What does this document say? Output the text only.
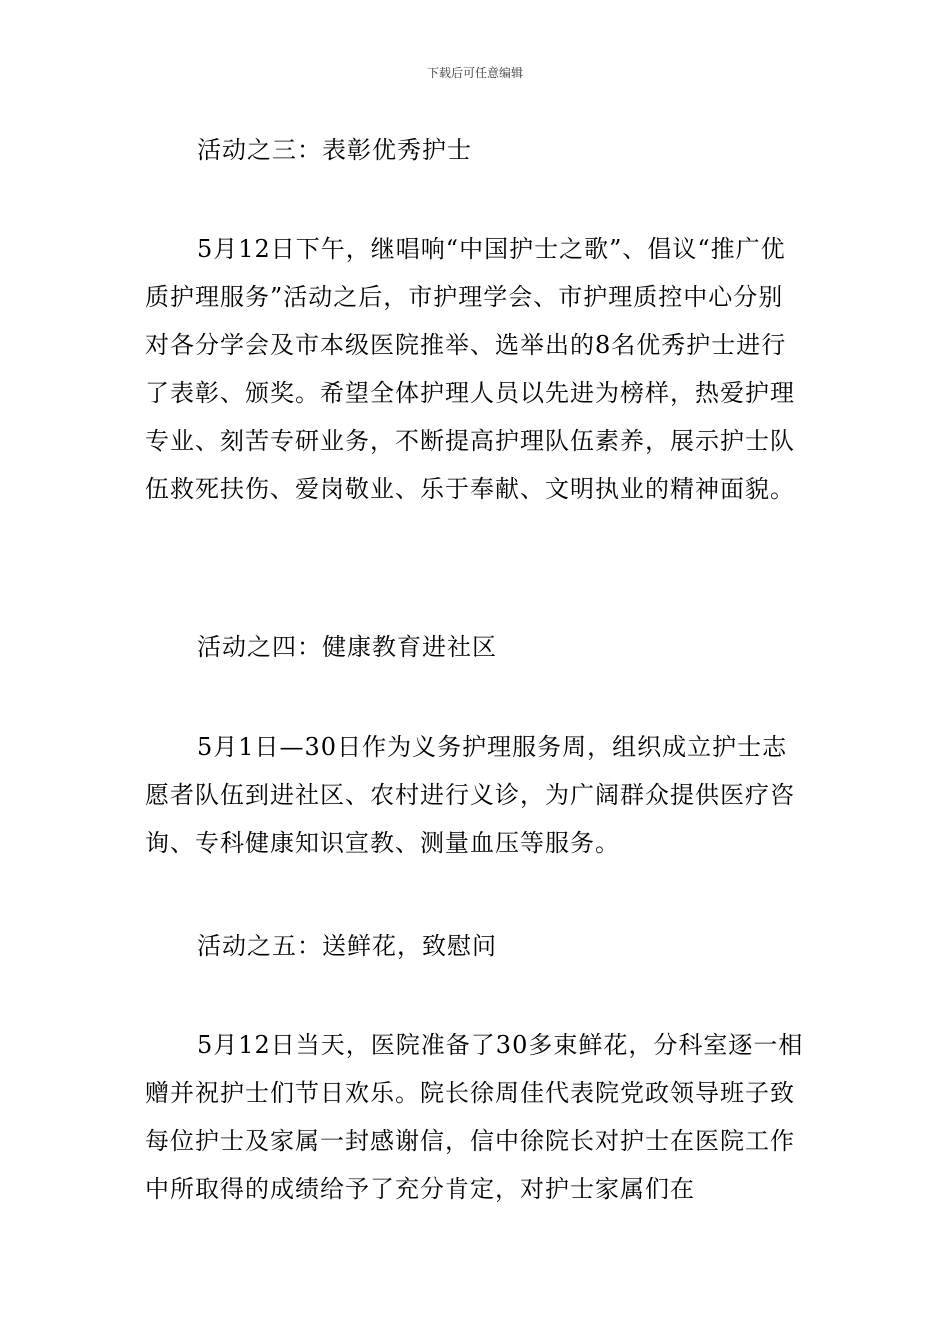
下载后可任意编辑

活动之三：表彰优秀护士

5月12日下午，继唱响“中国护士之歌”、倡议“推广优质护理服务”活动之后，市护理学会、市护理质控中心分别对各分学会及市本级医院推举、选举出的8名优秀护士进行了表彰、颁奖。希望全体护理人员以先进为榜样，热爱护理专业、刻苦专研业务，不断提高护理队伍素养，展示护士队伍救死扶伤、爱岗敬业、乐于奉献、文明执业的精神面貌。

活动之四：健康教育进社区

5月1日—30日作为义务护理服务周，组织成立护士志愿者队伍到进社区、农村进行义诊，为广阔群众提供医疗咨询、专科健康知识宣教、测量血压等服务。

活动之五：送鲜花，致慰问

5月12日当天，医院准备了30多束鲜花，分科室逐一相赠并祝护士们节日欢乐。院长徐周佳代表院党政领导班子致每位护士及家属一封感谢信，信中徐院长对护士在医院工作中所取得的成绩给予了充分肯定，对护士家属们在
